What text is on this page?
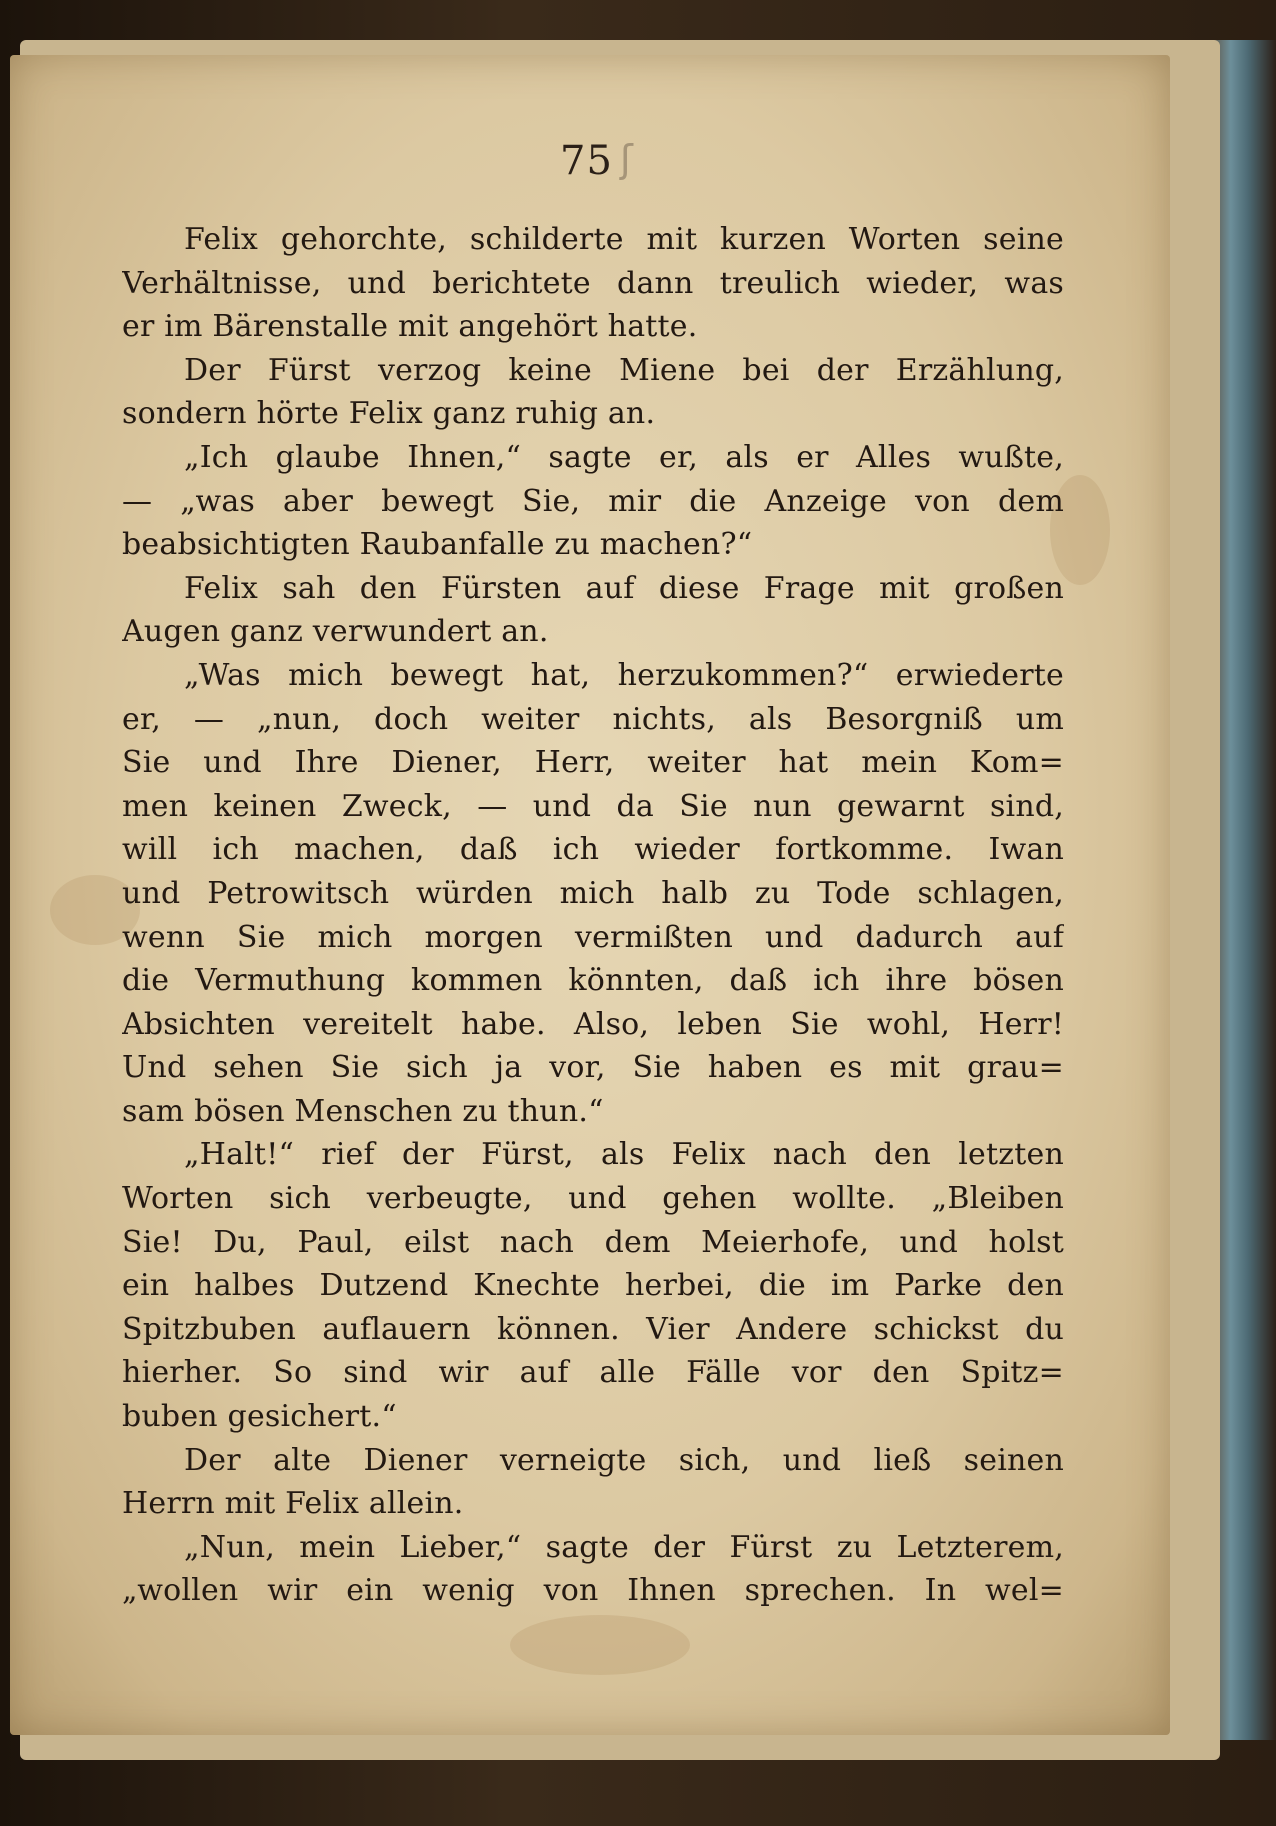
75 ʃ
Felix gehorchte, schilderte mit kurzen Worten seine
Verhältnisse, und berichtete dann treulich wieder, was
er im Bärenstalle mit angehört hatte.
Der Fürst verzog keine Miene bei der Erzählung,
sondern hörte Felix ganz ruhig an.
„Ich glaube Ihnen,“ sagte er, als er Alles wußte,
— „was aber bewegt Sie, mir die Anzeige von dem
beabsichtigten Raubanfalle zu machen?“
Felix sah den Fürsten auf diese Frage mit großen
Augen ganz verwundert an.
„Was mich bewegt hat, herzukommen?“ erwiederte
er, — „nun, doch weiter nichts, als Besorgniß um
Sie und Ihre Diener, Herr, weiter hat mein Kom=
men keinen Zweck, — und da Sie nun gewarnt sind,
will ich machen, daß ich wieder fortkomme. Iwan
und Petrowitsch würden mich halb zu Tode schlagen,
wenn Sie mich morgen vermißten und dadurch auf
die Vermuthung kommen könnten, daß ich ihre bösen
Absichten vereitelt habe. Also, leben Sie wohl, Herr!
Und sehen Sie sich ja vor, Sie haben es mit grau=
sam bösen Menschen zu thun.“
„Halt!“ rief der Fürst, als Felix nach den letzten
Worten sich verbeugte, und gehen wollte. „Bleiben
Sie! Du, Paul, eilst nach dem Meierhofe, und holst
ein halbes Dutzend Knechte herbei, die im Parke den
Spitzbuben auflauern können. Vier Andere schickst du
hierher. So sind wir auf alle Fälle vor den Spitz=
buben gesichert.“
Der alte Diener verneigte sich, und ließ seinen
Herrn mit Felix allein.
„Nun, mein Lieber,“ sagte der Fürst zu Letzterem,
„wollen wir ein wenig von Ihnen sprechen. In wel=
